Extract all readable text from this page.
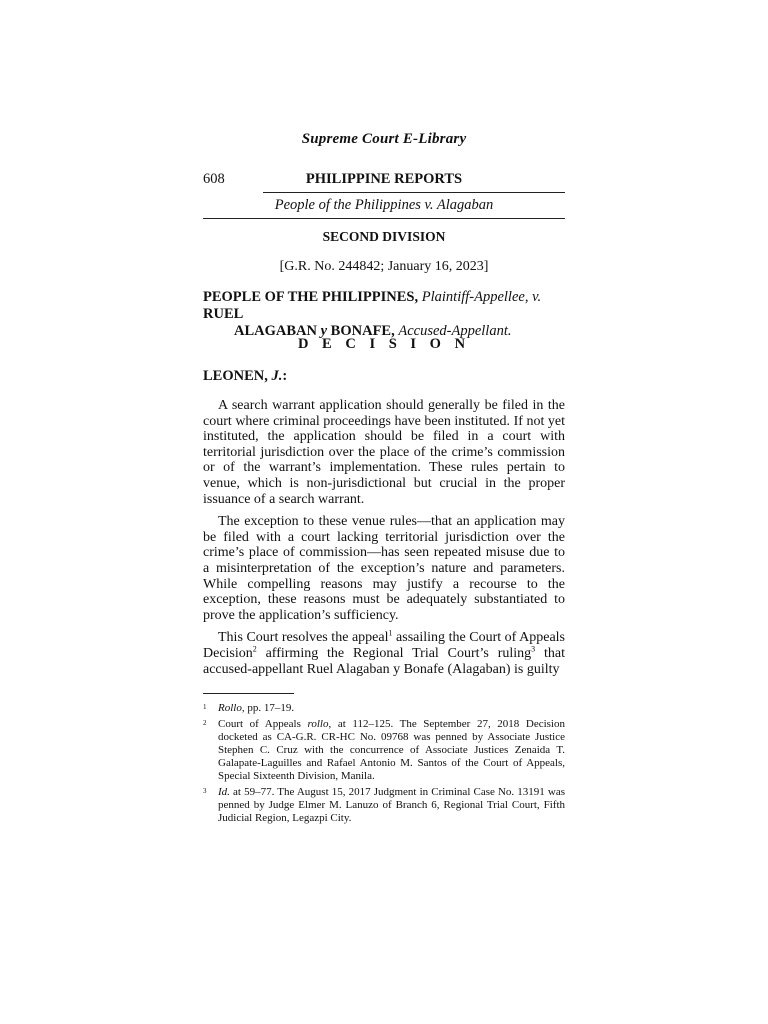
Supreme Court E-Library
608	PHILIPPINE REPORTS
People of the Philippines v. Alagaban
SECOND DIVISION
[G.R. No. 244842; January 16, 2023]
PEOPLE OF THE PHILIPPINES, Plaintiff-Appellee, v. RUEL
ALAGABAN y BONAFE, Accused-Appellant.
D E C I S I O N
LEONEN, J.:

A search warrant application should generally be filed in the court where criminal proceedings have been instituted. If not yet instituted, the application should be filed in a court with territorial jurisdiction over the place of the crime’s commission or of the warrant’s implementation. These rules pertain to venue, which is non-jurisdictional but crucial in the proper issuance of a search warrant.

The exception to these venue rules—that an application may be filed with a court lacking territorial jurisdiction over the crime’s place of commission—has seen repeated misuse due to a misinterpretation of the exception’s nature and parameters. While compelling reasons may justify a recourse to the exception, these reasons must be adequately substantiated to prove the application’s sufficiency.

This Court resolves the appeal$^1$ assailing the Court of Appeals Decision$^2$ affirming the Regional Trial Court’s ruling$^3$ that accused-appellant Ruel Alagaban y Bonafe (Alagaban) is guilty

1 Rollo, pp. 17–19.
2 Court of Appeals rollo, at 112–125. The September 27, 2018 Decision docketed as CA-G.R. CR-HC No. 09768 was penned by Associate Justice Stephen C. Cruz with the concurrence of Associate Justices Zenaida T. Galapate-Laguilles and Rafael Antonio M. Santos of the Court of Appeals, Special Sixteenth Division, Manila.
3 Id. at 59–77. The August 15, 2017 Judgment in Criminal Case No. 13191 was penned by Judge Elmer M. Lanuzo of Branch 6, Regional Trial Court, Fifth Judicial Region, Legazpi City.
